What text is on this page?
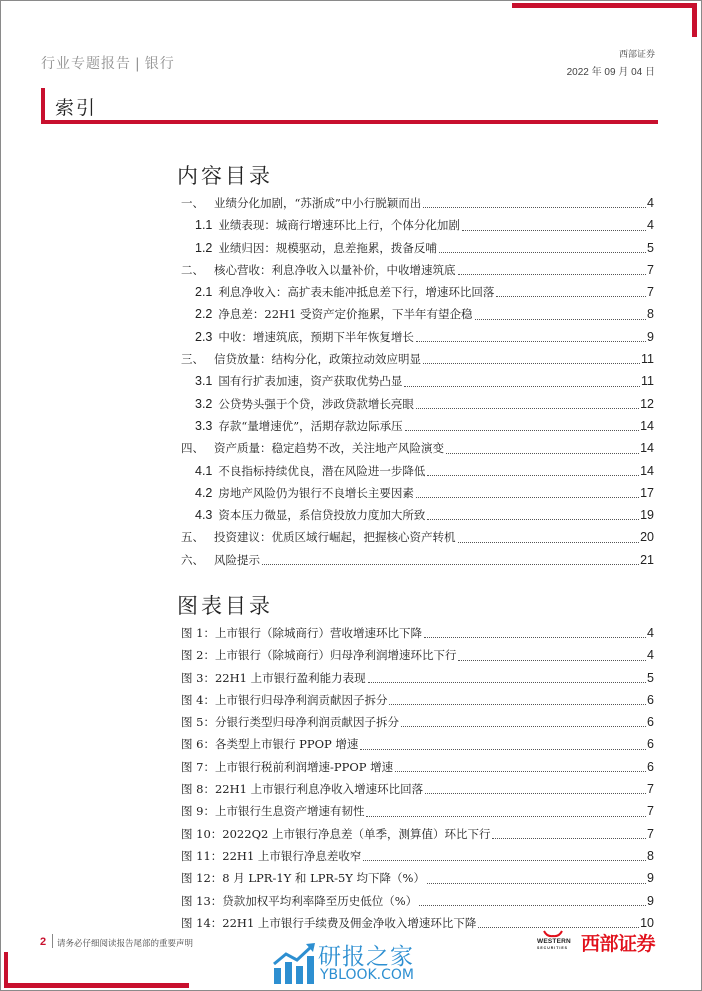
行业专题报告 | 银行
西部证券
2022 年 09 月 04 日
索引
内容目录
一、 业绩分化加剧，“苏浙成”中小行脱颖而出	4
1.1 业绩表现：城商行增速环比上行，个体分化加剧	4
1.2 业绩归因：规模驱动，息差拖累，拨备反哺	5
二、 核心营收：利息净收入以量补价，中收增速筑底	7
2.1 利息净收入：高扩表未能冲抵息差下行，增速环比回落	7
2.2 净息差：22H1 受资产定价拖累，下半年有望企稳	8
2.3 中收：增速筑底，预期下半年恢复增长	9
三、 信贷放量：结构分化，政策拉动效应明显	11
3.1 国有行扩表加速，资产获取优势凸显	11
3.2 公贷势头强于个贷，涉政贷款增长亮眼	12
3.3 存款“量增速优”，活期存款边际承压	14
四、 资产质量：稳定趋势不改，关注地产风险演变	14
4.1 不良指标持续优良，潜在风险进一步降低	14
4.2 房地产风险仍为银行不良增长主要因素	17
4.3 资本压力微显，系信贷投放力度加大所致	19
五、 投资建议：优质区域行崛起，把握核心资产转机	20
六、 风险提示	21
图表目录
图 1：上市银行（除城商行）营收增速环比下降	4
图 2：上市银行（除城商行）归母净利润增速环比下行	4
图 3：22H1 上市银行盈利能力表现	5
图 4：上市银行归母净利润贡献因子拆分	6
图 5：分银行类型归母净利润贡献因子拆分	6
图 6：各类型上市银行 PPOP 增速	6
图 7：上市银行税前利润增速-PPOP 增速	6
图 8：22H1 上市银行利息净收入增速环比回落	7
图 9：上市银行生息资产增速有韧性	7
图 10：2022Q2 上市银行净息差（单季，测算值）环比下行	7
图 11：22H1 上市银行净息差收窄	8
图 12：8 月 LPR-1Y 和 LPR-5Y 均下降（%）	9
图 13：贷款加权平均利率降至历史低位（%）	9
图 14：22H1 上市银行手续费及佣金净收入增速环比下降	10
2 请务必仔细阅读报告尾部的重要声明	研报之家
YBLOOK.COM
WESTERN
SECURITIES 西部证券
